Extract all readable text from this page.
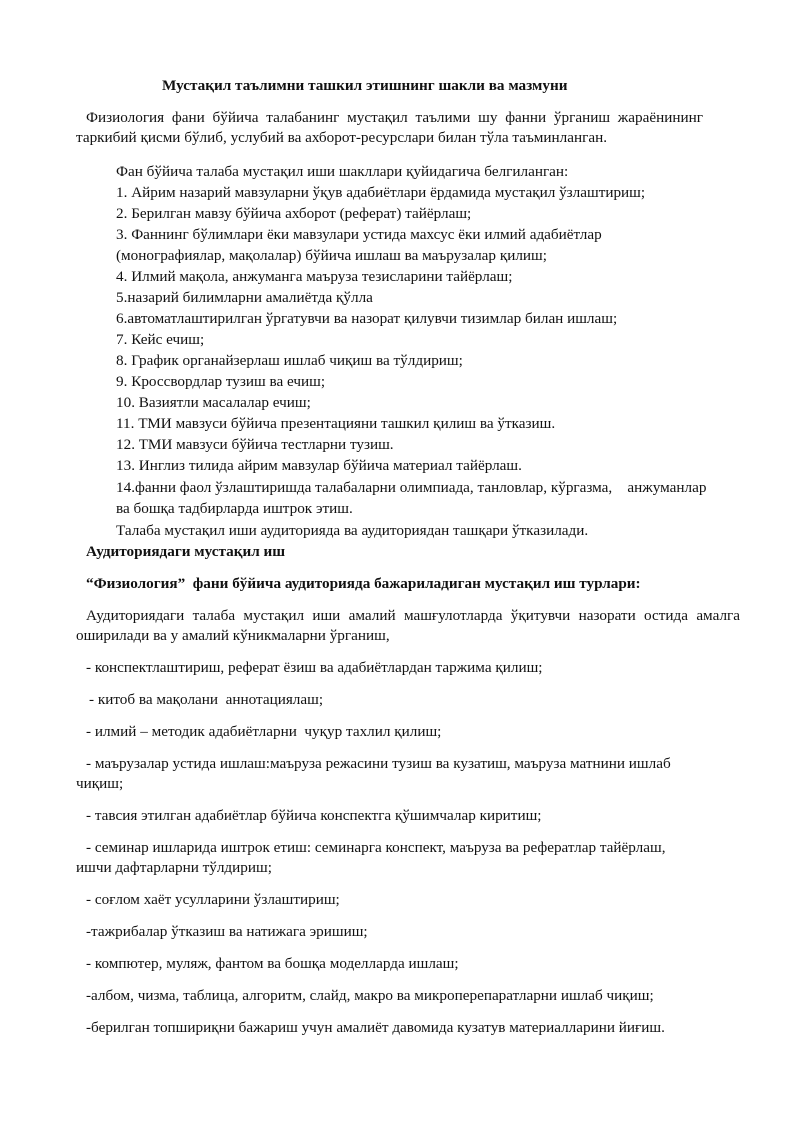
Мустақил таълимни ташкил этишнинг шакли ва мазмуни
Физиология фани бўйича талабанинг мустақил таълими шу фанни ўрганиш жараёнининг
таркибий қисми бўлиб, услубий ва ахборот-ресурслари билан тўла таъминланган.
Фан бўйича талаба мустақил иши шакллари қуйидагича белгиланган:
1. Айрим назарий мавзуларни ўқув адабиётлари ёрдамида мустақил ўзлаштириш;
2. Берилган мавзу бўйича ахборот (реферат) тайёрлаш;
3. Фаннинг бўлимлари ёки мавзулари устида махсус ёки илмий адабиётлар
(монографиялар, мақолалар) бўйича ишлаш ва маърузалар қилиш;
4. Илмий мақола, анжуманга маъруза тезисларини тайёрлаш;
5.назарий билимларни амалиётда қўлла
6.автоматлаштирилган ўргатувчи ва назорат қилувчи тизимлар билан ишлаш;
7. Кейс ечиш;
8. График органайзерлаш ишлаб чиқиш ва тўлдириш;
9. Кроссвордлар тузиш ва ечиш;
10. Вазиятли масалалар ечиш;
11. ТМИ мавзуси бўйича презентацияни ташкил қилиш ва ўтказиш.
12. ТМИ мавзуси бўйича тестларни тузиш.
13. Инглиз тилида айрим мавзулар бўйича материал тайёрлаш.
14.фанни фаол ўзлаштиришда талабаларни олимпиада, танловлар, кўргазма,    анжуманлар
ва бошқа тадбирларда иштрок этиш.
Талаба мустақил иши аудиторияда ва аудиториядан ташқари ўтказилади.
Аудиториядаги мустақил иш
“Физиология”  фани бўйича аудиторияда бажариладиган мустақил иш турлари:
Аудиториядаги талаба мустақил иши амалий машғулотларда ўқитувчи назорати остида амалга
оширилади ва у амалий кўникмаларни ўрганиш,
- конспектлаштириш, реферат ёзиш ва адабиётлардан таржима қилиш;
- китоб ва мақолани  аннотациялаш;
- илмий – методик адабиётларни  чуқур тахлил қилиш;
- маърузалар устида ишлаш:маъруза режасини тузиш ва кузатиш, маъруза матнини ишлаб
чиқиш;
- тавсия этилган адабиётлар бўйича конспектга қўшимчалар киритиш;
- семинар ишларида иштрок етиш: семинарга конспект, маъруза ва рефератлар тайёрлаш,
ишчи дафтарларни тўлдириш;
- соғлом хаёт усулларини ўзлаштириш;
-тажрибалар ўтказиш ва натижага эришиш;
- компютер, муляж, фантом ва бошқа моделларда ишлаш;
-албом, чизма, таблица, алгоритм, слайд, макро ва микроперепаратларни ишлаб чиқиш;
-берилган топшириқни бажариш учун амалиёт давомида кузатув материалларини йиғиш.
